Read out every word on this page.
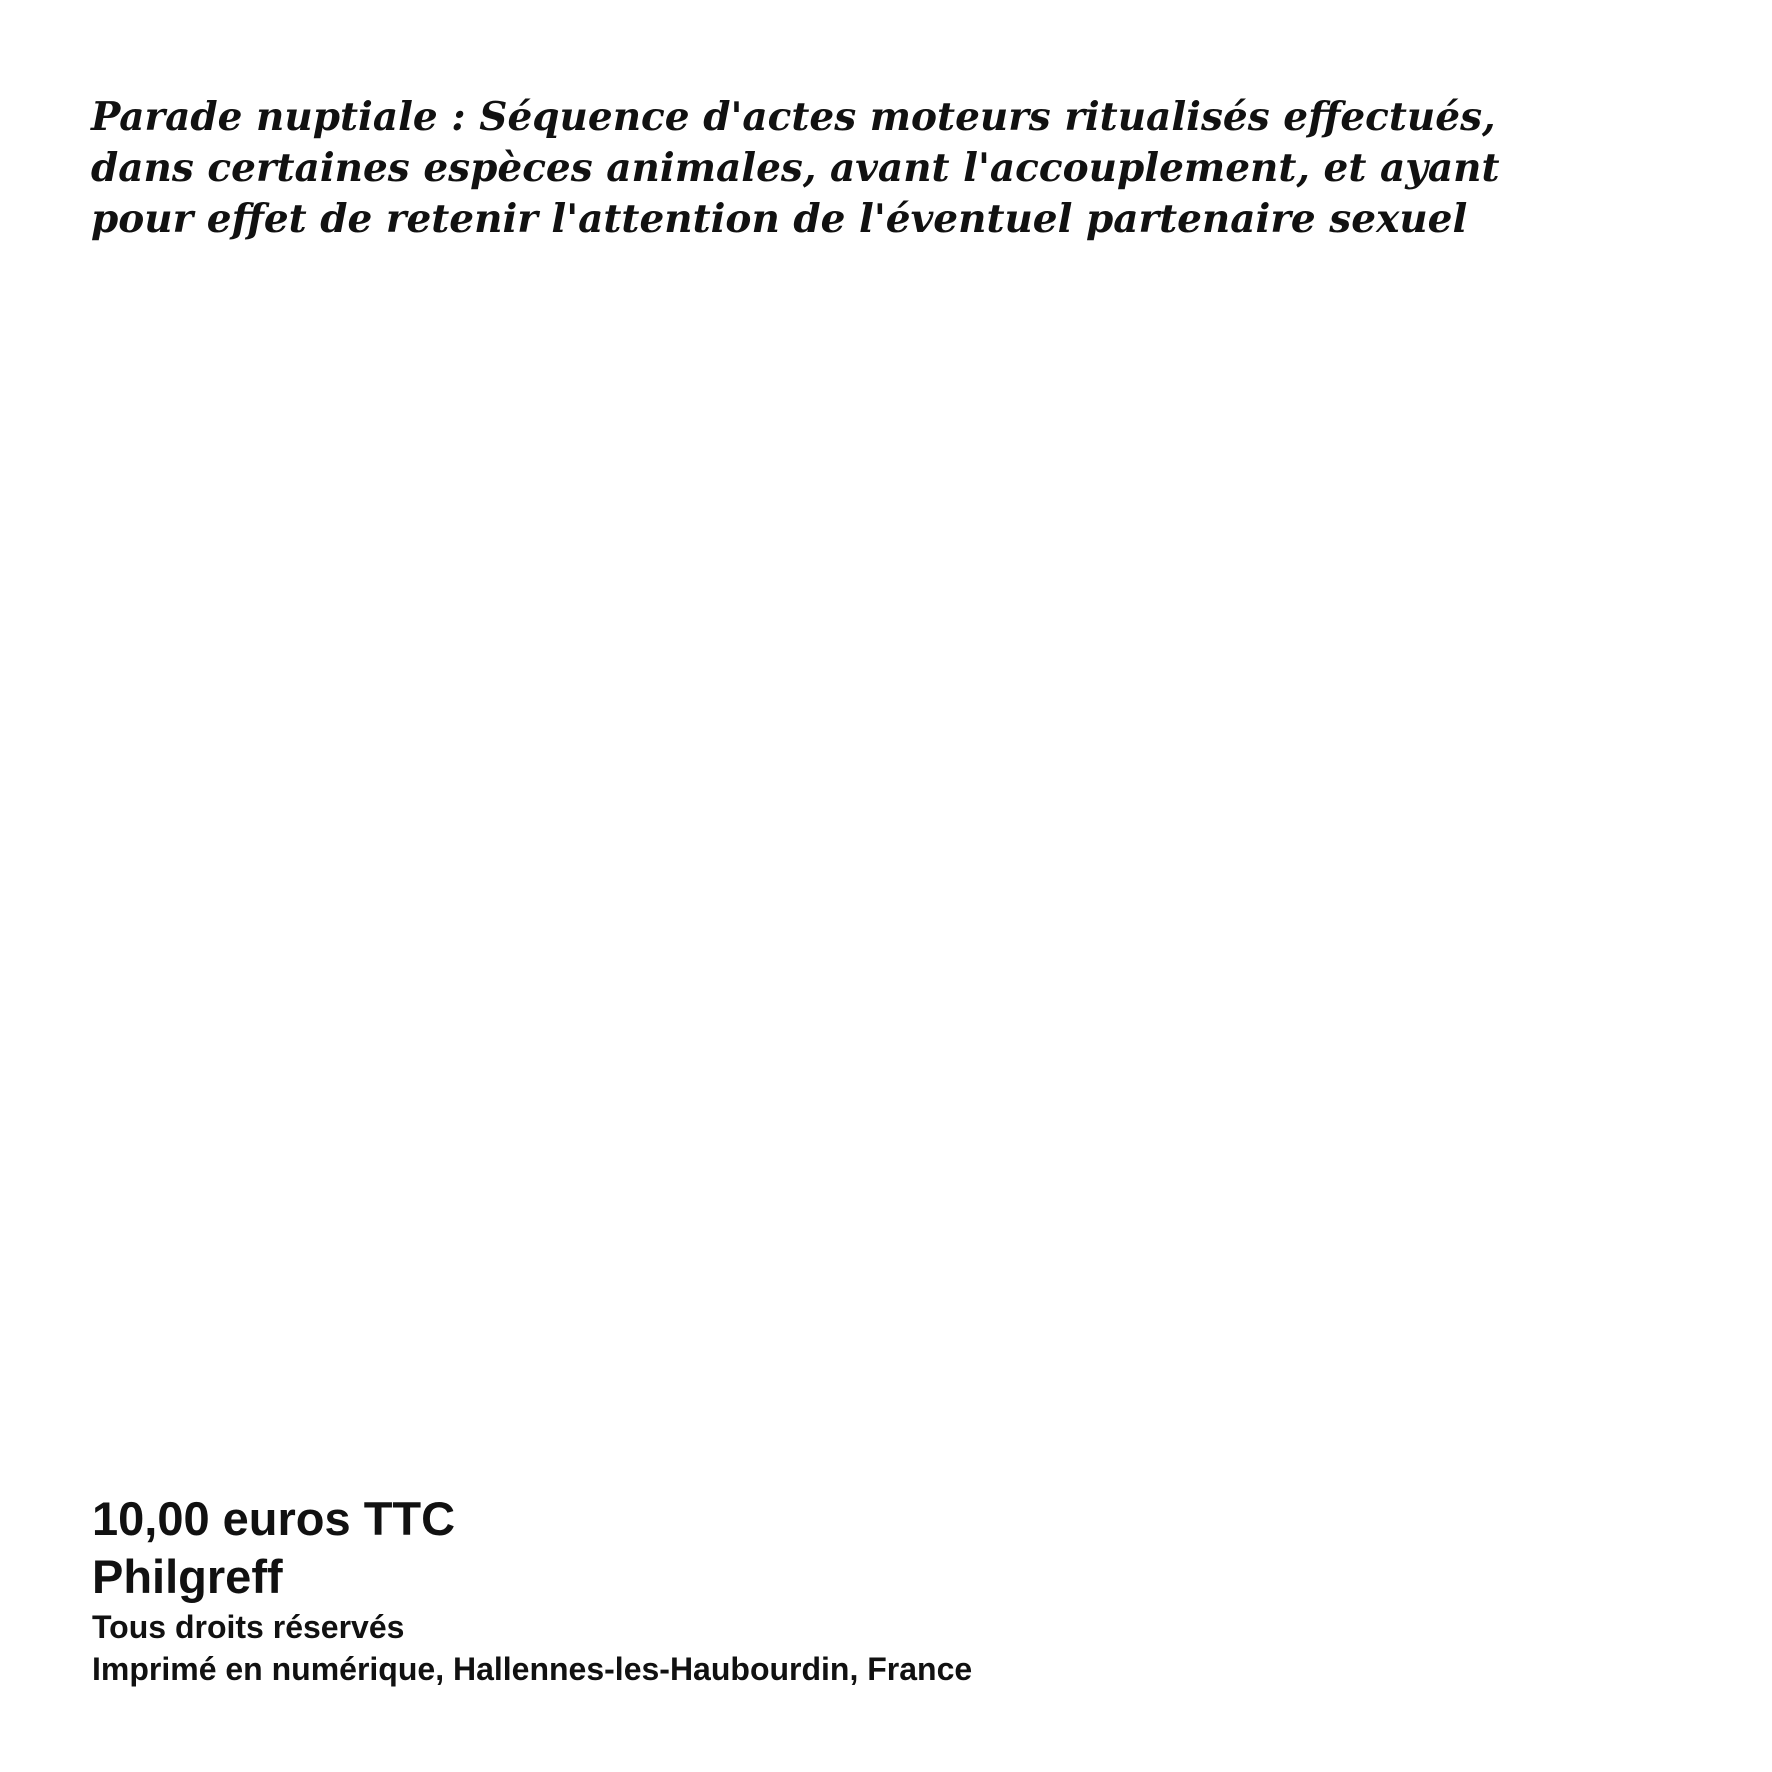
Parade nuptiale : Séquence d'actes moteurs ritualisés effectués, dans certaines espèces animales, avant l'accouplement, et ayant pour effet de retenir l'attention de l'éventuel partenaire sexuel

10,00 euros TTC

Philgreff

Tous droits réservés

Imprimé en numérique, Hallennes-les-Haubourdin, France
